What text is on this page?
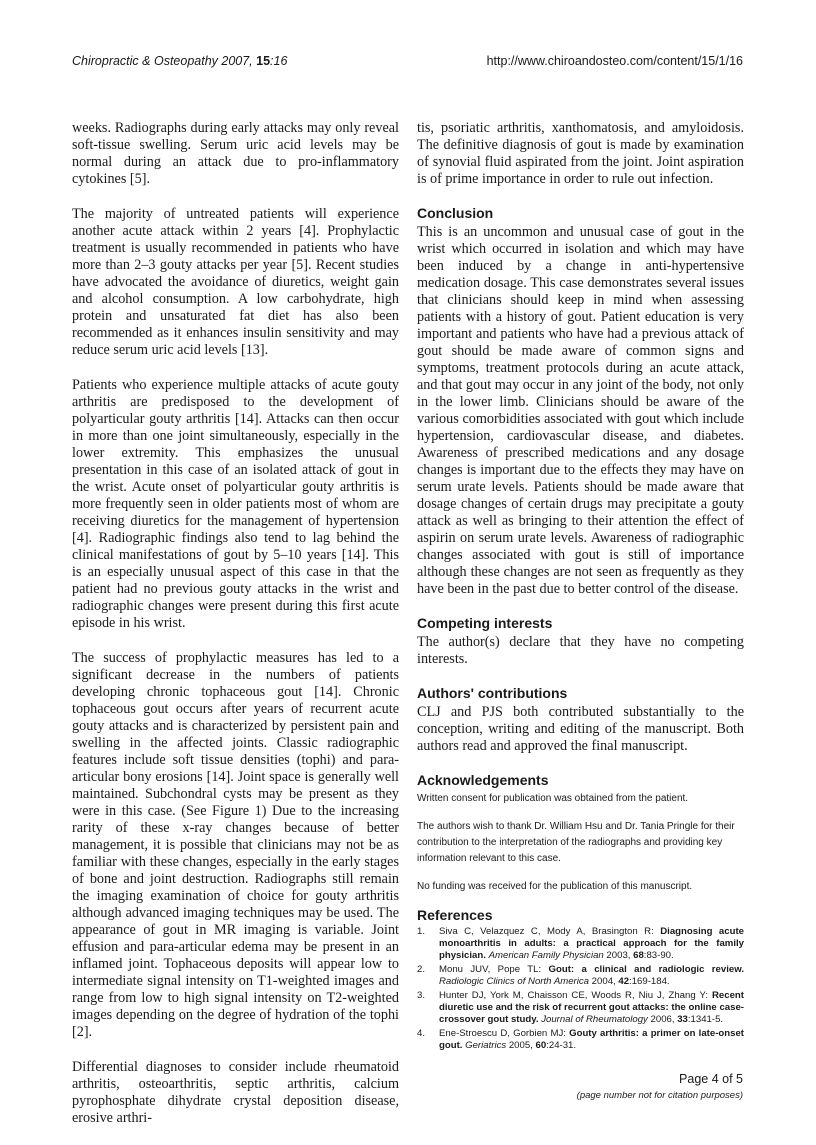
Chiropractic & Osteopathy 2007, 15:16	http://www.chiroandosteo.com/content/15/1/16

weeks. Radiographs during early attacks may only reveal soft-tissue swelling. Serum uric acid levels may be normal during an attack due to pro-inflammatory cytokines [5].

The majority of untreated patients will experience another acute attack within 2 years [4]. Prophylactic treatment is usually recommended in patients who have more than 2–3 gouty attacks per year [5]. Recent studies have advocated the avoidance of diuretics, weight gain and alcohol consumption. A low carbohydrate, high protein and unsaturated fat diet has also been recommended as it enhances insulin sensitivity and may reduce serum uric acid levels [13].

Patients who experience multiple attacks of acute gouty arthritis are predisposed to the development of polyarticular gouty arthritis [14]. Attacks can then occur in more than one joint simultaneously, especially in the lower extremity. This emphasizes the unusual presentation in this case of an isolated attack of gout in the wrist. Acute onset of polyarticular gouty arthritis is more frequently seen in older patients most of whom are receiving diuretics for the management of hypertension [4]. Radiographic findings also tend to lag behind the clinical manifestations of gout by 5–10 years [14]. This is an especially unusual aspect of this case in that the patient had no previous gouty attacks in the wrist and radiographic changes were present during this first acute episode in his wrist.

The success of prophylactic measures has led to a significant decrease in the numbers of patients developing chronic tophaceous gout [14]. Chronic tophaceous gout occurs after years of recurrent acute gouty attacks and is characterized by persistent pain and swelling in the affected joints. Classic radiographic features include soft tissue densities (tophi) and para-articular bony erosions [14]. Joint space is generally well maintained. Subchondral cysts may be present as they were in this case. (See Figure 1) Due to the increasing rarity of these x-ray changes because of better management, it is possible that clinicians may not be as familiar with these changes, especially in the early stages of bone and joint destruction. Radiographs still remain the imaging examination of choice for gouty arthritis although advanced imaging techniques may be used. The appearance of gout in MR imaging is variable. Joint effusion and para-articular edema may be present in an inflamed joint. Tophaceous deposits will appear low to intermediate signal intensity on T1-weighted images and range from low to high signal intensity on T2-weighted images depending on the degree of hydration of the tophi [2].

Differential diagnoses to consider include rheumatoid arthritis, osteoarthritis, septic arthritis, calcium pyrophosphate dihydrate crystal deposition disease, erosive arthri-

tis, psoriatic arthritis, xanthomatosis, and amyloidosis. The definitive diagnosis of gout is made by examination of synovial fluid aspirated from the joint. Joint aspiration is of prime importance in order to rule out infection.

Conclusion

This is an uncommon and unusual case of gout in the wrist which occurred in isolation and which may have been induced by a change in anti-hypertensive medication dosage. This case demonstrates several issues that clinicians should keep in mind when assessing patients with a history of gout. Patient education is very important and patients who have had a previous attack of gout should be made aware of common signs and symptoms, treatment protocols during an acute attack, and that gout may occur in any joint of the body, not only in the lower limb. Clinicians should be aware of the various comorbidities associated with gout which include hypertension, cardiovascular disease, and diabetes. Awareness of prescribed medications and any dosage changes is important due to the effects they may have on serum urate levels. Patients should be made aware that dosage changes of certain drugs may precipitate a gouty attack as well as bringing to their attention the effect of aspirin on serum urate levels. Awareness of radiographic changes associated with gout is still of importance although these changes are not seen as frequently as they have been in the past due to better control of the disease.

Competing interests

The author(s) declare that they have no competing interests.

Authors' contributions

CLJ and PJS both contributed substantially to the conception, writing and editing of the manuscript. Both authors read and approved the final manuscript.

Acknowledgements

Written consent for publication was obtained from the patient.

The authors wish to thank Dr. William Hsu and Dr. Tania Pringle for their contribution to the interpretation of the radiographs and providing key information relevant to this case.

No funding was received for the publication of this manuscript.

References
1.	Siva C, Velazquez C, Mody A, Brasington R: Diagnosing acute monoarthritis in adults: a practical approach for the family physician. American Family Physician 2003, 68:83-90.
2.	Monu JUV, Pope TL: Gout: a clinical and radiologic review. Radiologic Clinics of North America 2004, 42:169-184.
3.	Hunter DJ, York M, Chaisson CE, Woods R, Niu J, Zhang Y: Recent diuretic use and the risk of recurrent gout attacks: the online case-crossover gout study. Journal of Rheumatology 2006, 33:1341-5.
4.	Ene-Stroescu D, Gorbien MJ: Gouty arthritis: a primer on late-onset gout. Geriatrics 2005, 60:24-31.
Page 4 of 5
(page number not for citation purposes)
